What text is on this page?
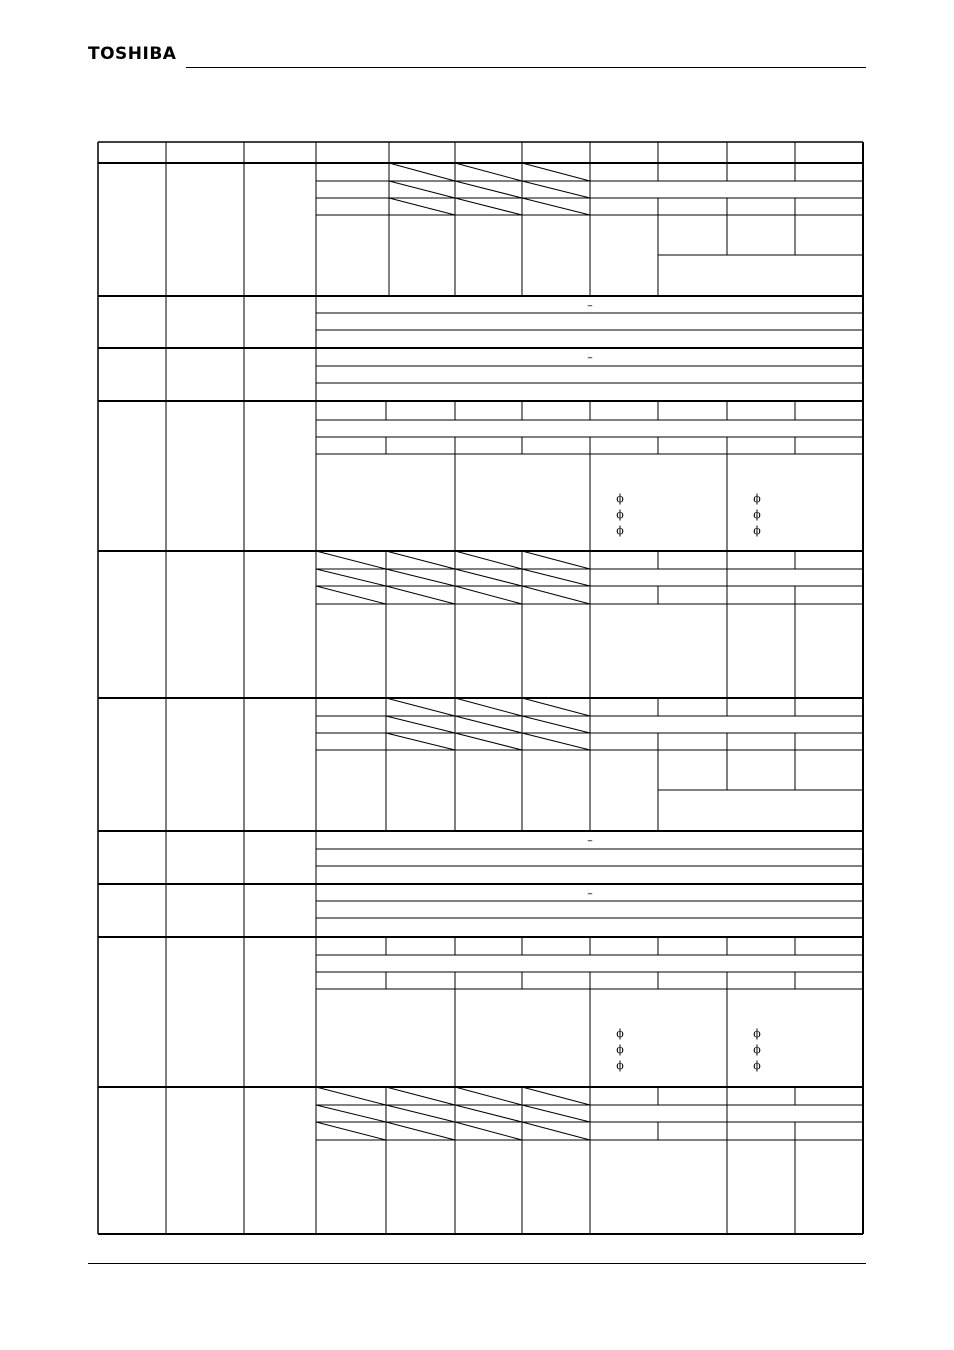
TOSHIBA
–
–
–
–
ϕ
ϕ
ϕ
ϕ
ϕ
ϕ
ϕ
ϕ
ϕ
ϕ
ϕ
ϕ
